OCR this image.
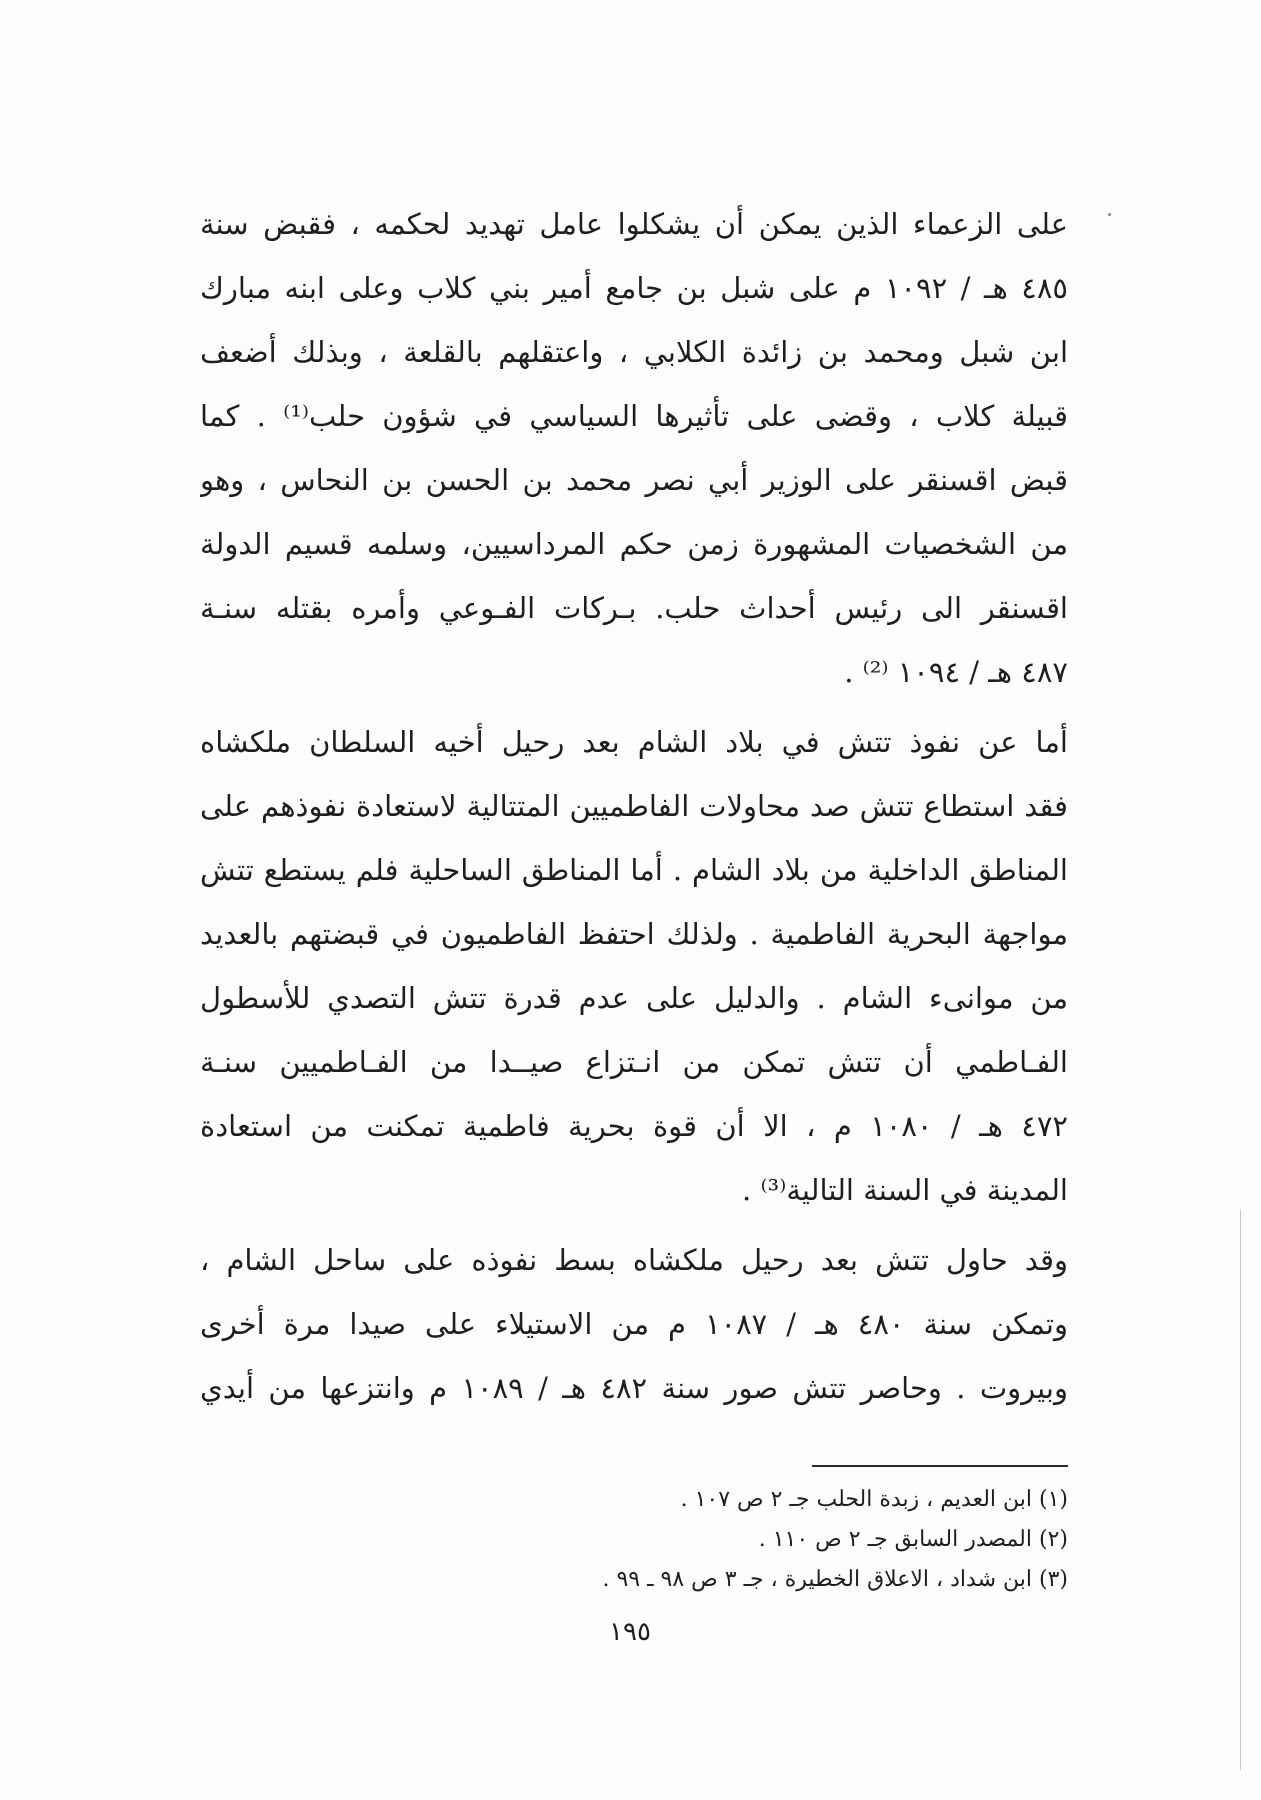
على الزعماء الذين يمكن أن يشكلوا عامل تهديد لحكمه ، فقبض سنة
٤٨٥ هـ / ١٠٩٢ م على شبل بن جامع أمير بني كلاب وعلى ابنه مبارك
ابن شبل ومحمد بن زائدة الكلابي ، واعتقلهم بالقلعة ، وبذلك أضعف
قبيلة كلاب ، وقضى على تأثيرها السياسي في شؤون حلب⁽¹⁾ . كما
قبض اقسنقر على الوزير أبي نصر محمد بن الحسن بن النحاس ، وهو
من الشخصيات المشهورة زمن حكم المرداسيين، وسلمه قسيم الدولة
اقسنقر الى رئيس أحداث حلب. بـركات الفـوعي وأمره بقتله سنـة
٤٨٧ هـ / ١٠٩٤ ⁽²⁾ .
أما عن نفوذ تتش في بلاد الشام بعد رحيل أخيه السلطان ملكشاه
فقد استطاع تتش صد محاولات الفاطميين المتتالية لاستعادة نفوذهم على
المناطق الداخلية من بلاد الشام . أما المناطق الساحلية فلم يستطع تتش
مواجهة البحرية الفاطمية . ولذلك احتفظ الفاطميون في قبضتهم بالعديد
من موانىء الشام . والدليل على عدم قدرة تتش التصدي للأسطول
الفـاطمي أن تتش تمكن من انـتزاع صيــدا من الفـاطميين سنـة
٤٧٢ هـ / ١٠٨٠ م ، الا أن قوة بحرية فاطمية تمكنت من استعادة
المدينة في السنة التالية⁽³⁾ .
وقد حاول تتش بعد رحيل ملكشاه بسط نفوذه على ساحل الشام ،
وتمكن سنة ٤٨٠ هـ / ١٠٨٧ م من الاستيلاء على صيدا مرة أخرى
وبيروت . وحاصر تتش صور سنة ٤٨٢ هـ / ١٠٨٩ م وانتزعها من أيدي
(١) ابن العديم ، زبدة الحلب جـ ٢ ص ١٠٧ .
(٢) المصدر السابق جـ ٢ ص ١١٠ .
(٣) ابن شداد ، الاعلاق الخطيرة ، جـ ٣ ص ٩٨ ـ ٩٩ .
١٩٥
